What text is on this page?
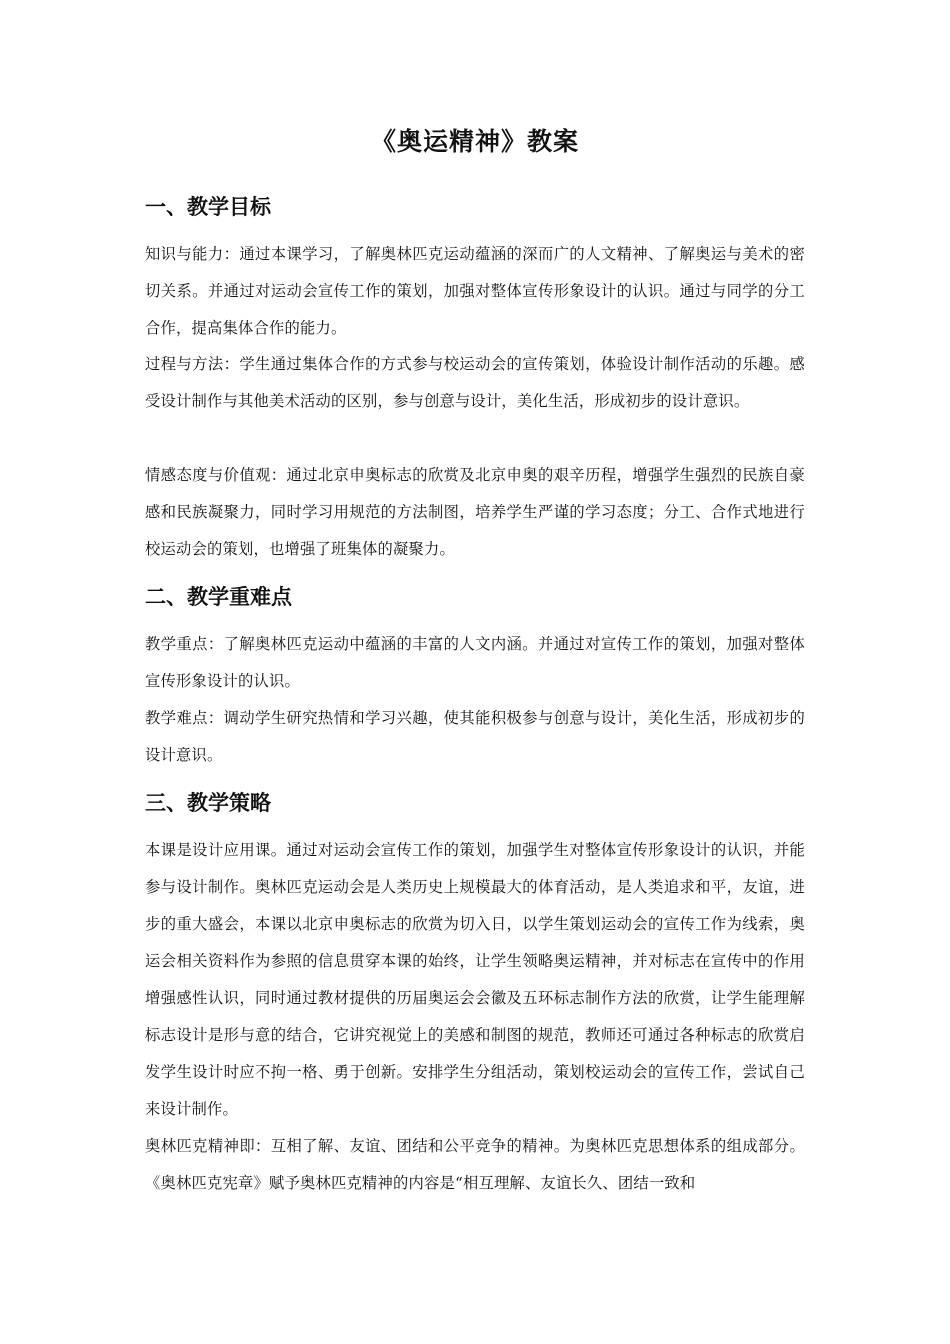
《奥运精神》教案
一、教学目标
知识与能力：通过本课学习，了解奥林匹克运动蕴涵的深而广的人文精神、了解奥运与美术的密切关系。并通过对运动会宣传工作的策划，加强对整体宣传形象设计的认识。通过与同学的分工合作，提高集体合作的能力。
过程与方法：学生通过集体合作的方式参与校运动会的宣传策划，体验设计制作活动的乐趣。感受设计制作与其他美术活动的区别，参与创意与设计，美化生活，形成初步的设计意识。
情感态度与价值观：通过北京申奥标志的欣赏及北京申奥的艰辛历程，增强学生强烈的民族自豪感和民族凝聚力，同时学习用规范的方法制图，培养学生严谨的学习态度；分工、合作式地进行校运动会的策划，也增强了班集体的凝聚力。
二、教学重难点
教学重点：了解奥林匹克运动中蕴涵的丰富的人文内涵。并通过对宣传工作的策划，加强对整体宣传形象设计的认识。
教学难点：调动学生研究热情和学习兴趣，使其能积极参与创意与设计，美化生活，形成初步的设计意识。
三、教学策略
本课是设计应用课。通过对运动会宣传工作的策划，加强学生对整体宣传形象设计的认识，并能参与设计制作。奥林匹克运动会是人类历史上规模最大的体育活动，是人类追求和平，友谊，进步的重大盛会，本课以北京申奥标志的欣赏为切入日，以学生策划运动会的宣传工作为线索，奥运会相关资料作为参照的信息贯穿本课的始终，让学生领略奥运精神，并对标志在宣传中的作用增强感性认识，同时通过教材提供的历届奥运会会徽及五环标志制作方法的欣赏，让学生能理解标志设计是形与意的结合，它讲究视觉上的美感和制图的规范，教师还可通过各种标志的欣赏启发学生设计时应不拘一格、勇于创新。安排学生分组活动，策划校运动会的宣传工作，尝试自己来设计制作。
奥林匹克精神即：互相了解、友谊、团结和公平竞争的精神。为奥林匹克思想体系的组成部分。《奥林匹克宪章》赋予奥林匹克精神的内容是“相互理解、友谊长久、团结一致和
